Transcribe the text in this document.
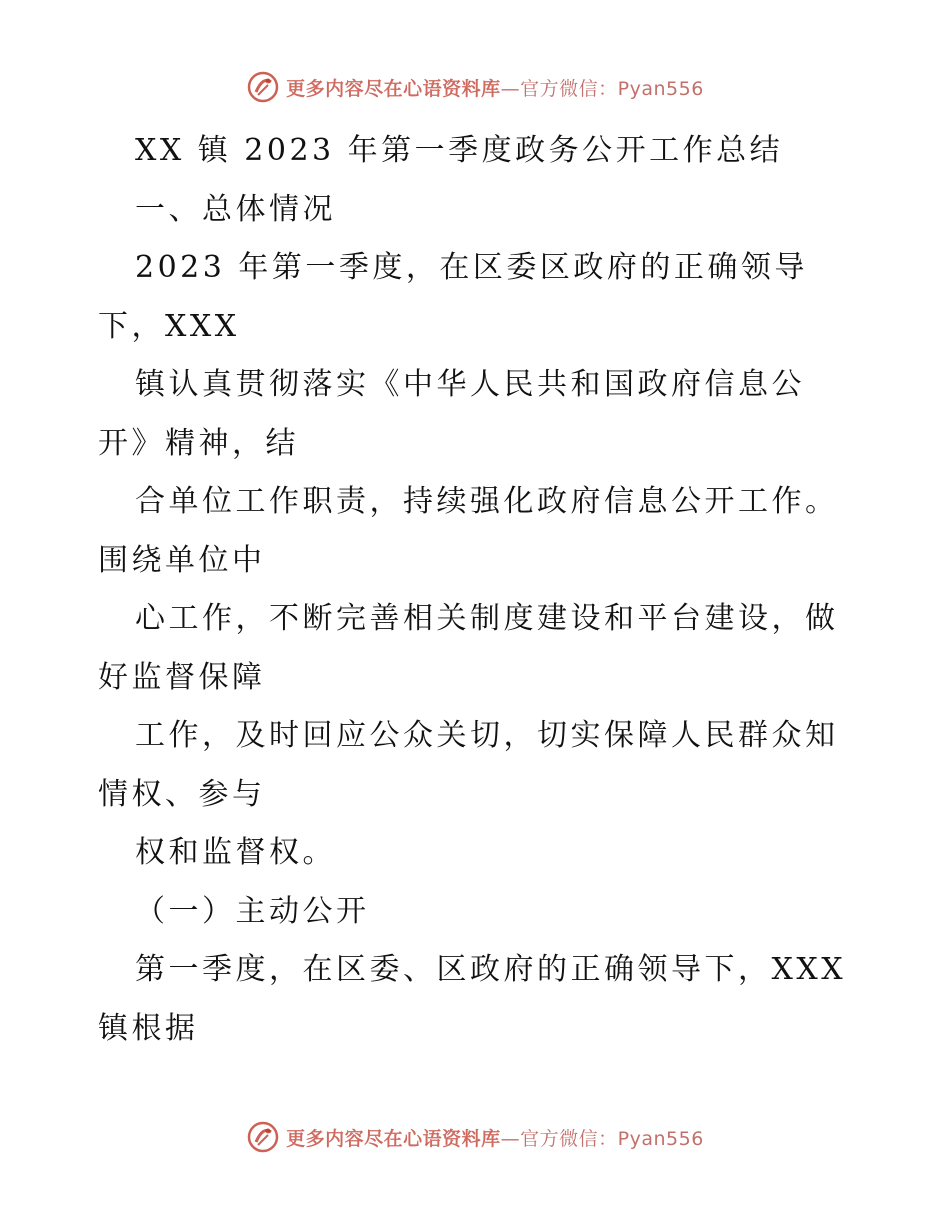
更多内容尽在心语资料库—官方微信：Pyan556
XX 镇 2023 年第一季度政务公开工作总结
一、总体情况
2023 年第一季度，在区委区政府的正确领导
下，XXX
镇认真贯彻落实《中华人民共和国政府信息公
开》精神，结
合单位工作职责，持续强化政府信息公开工作。
围绕单位中
心工作，不断完善相关制度建设和平台建设，做
好监督保障
工作，及时回应公众关切，切实保障人民群众知
情权、参与
权和监督权。
（一）主动公开
第一季度，在区委、区政府的正确领导下，XXX
镇根据
更多内容尽在心语资料库—官方微信：Pyan556
